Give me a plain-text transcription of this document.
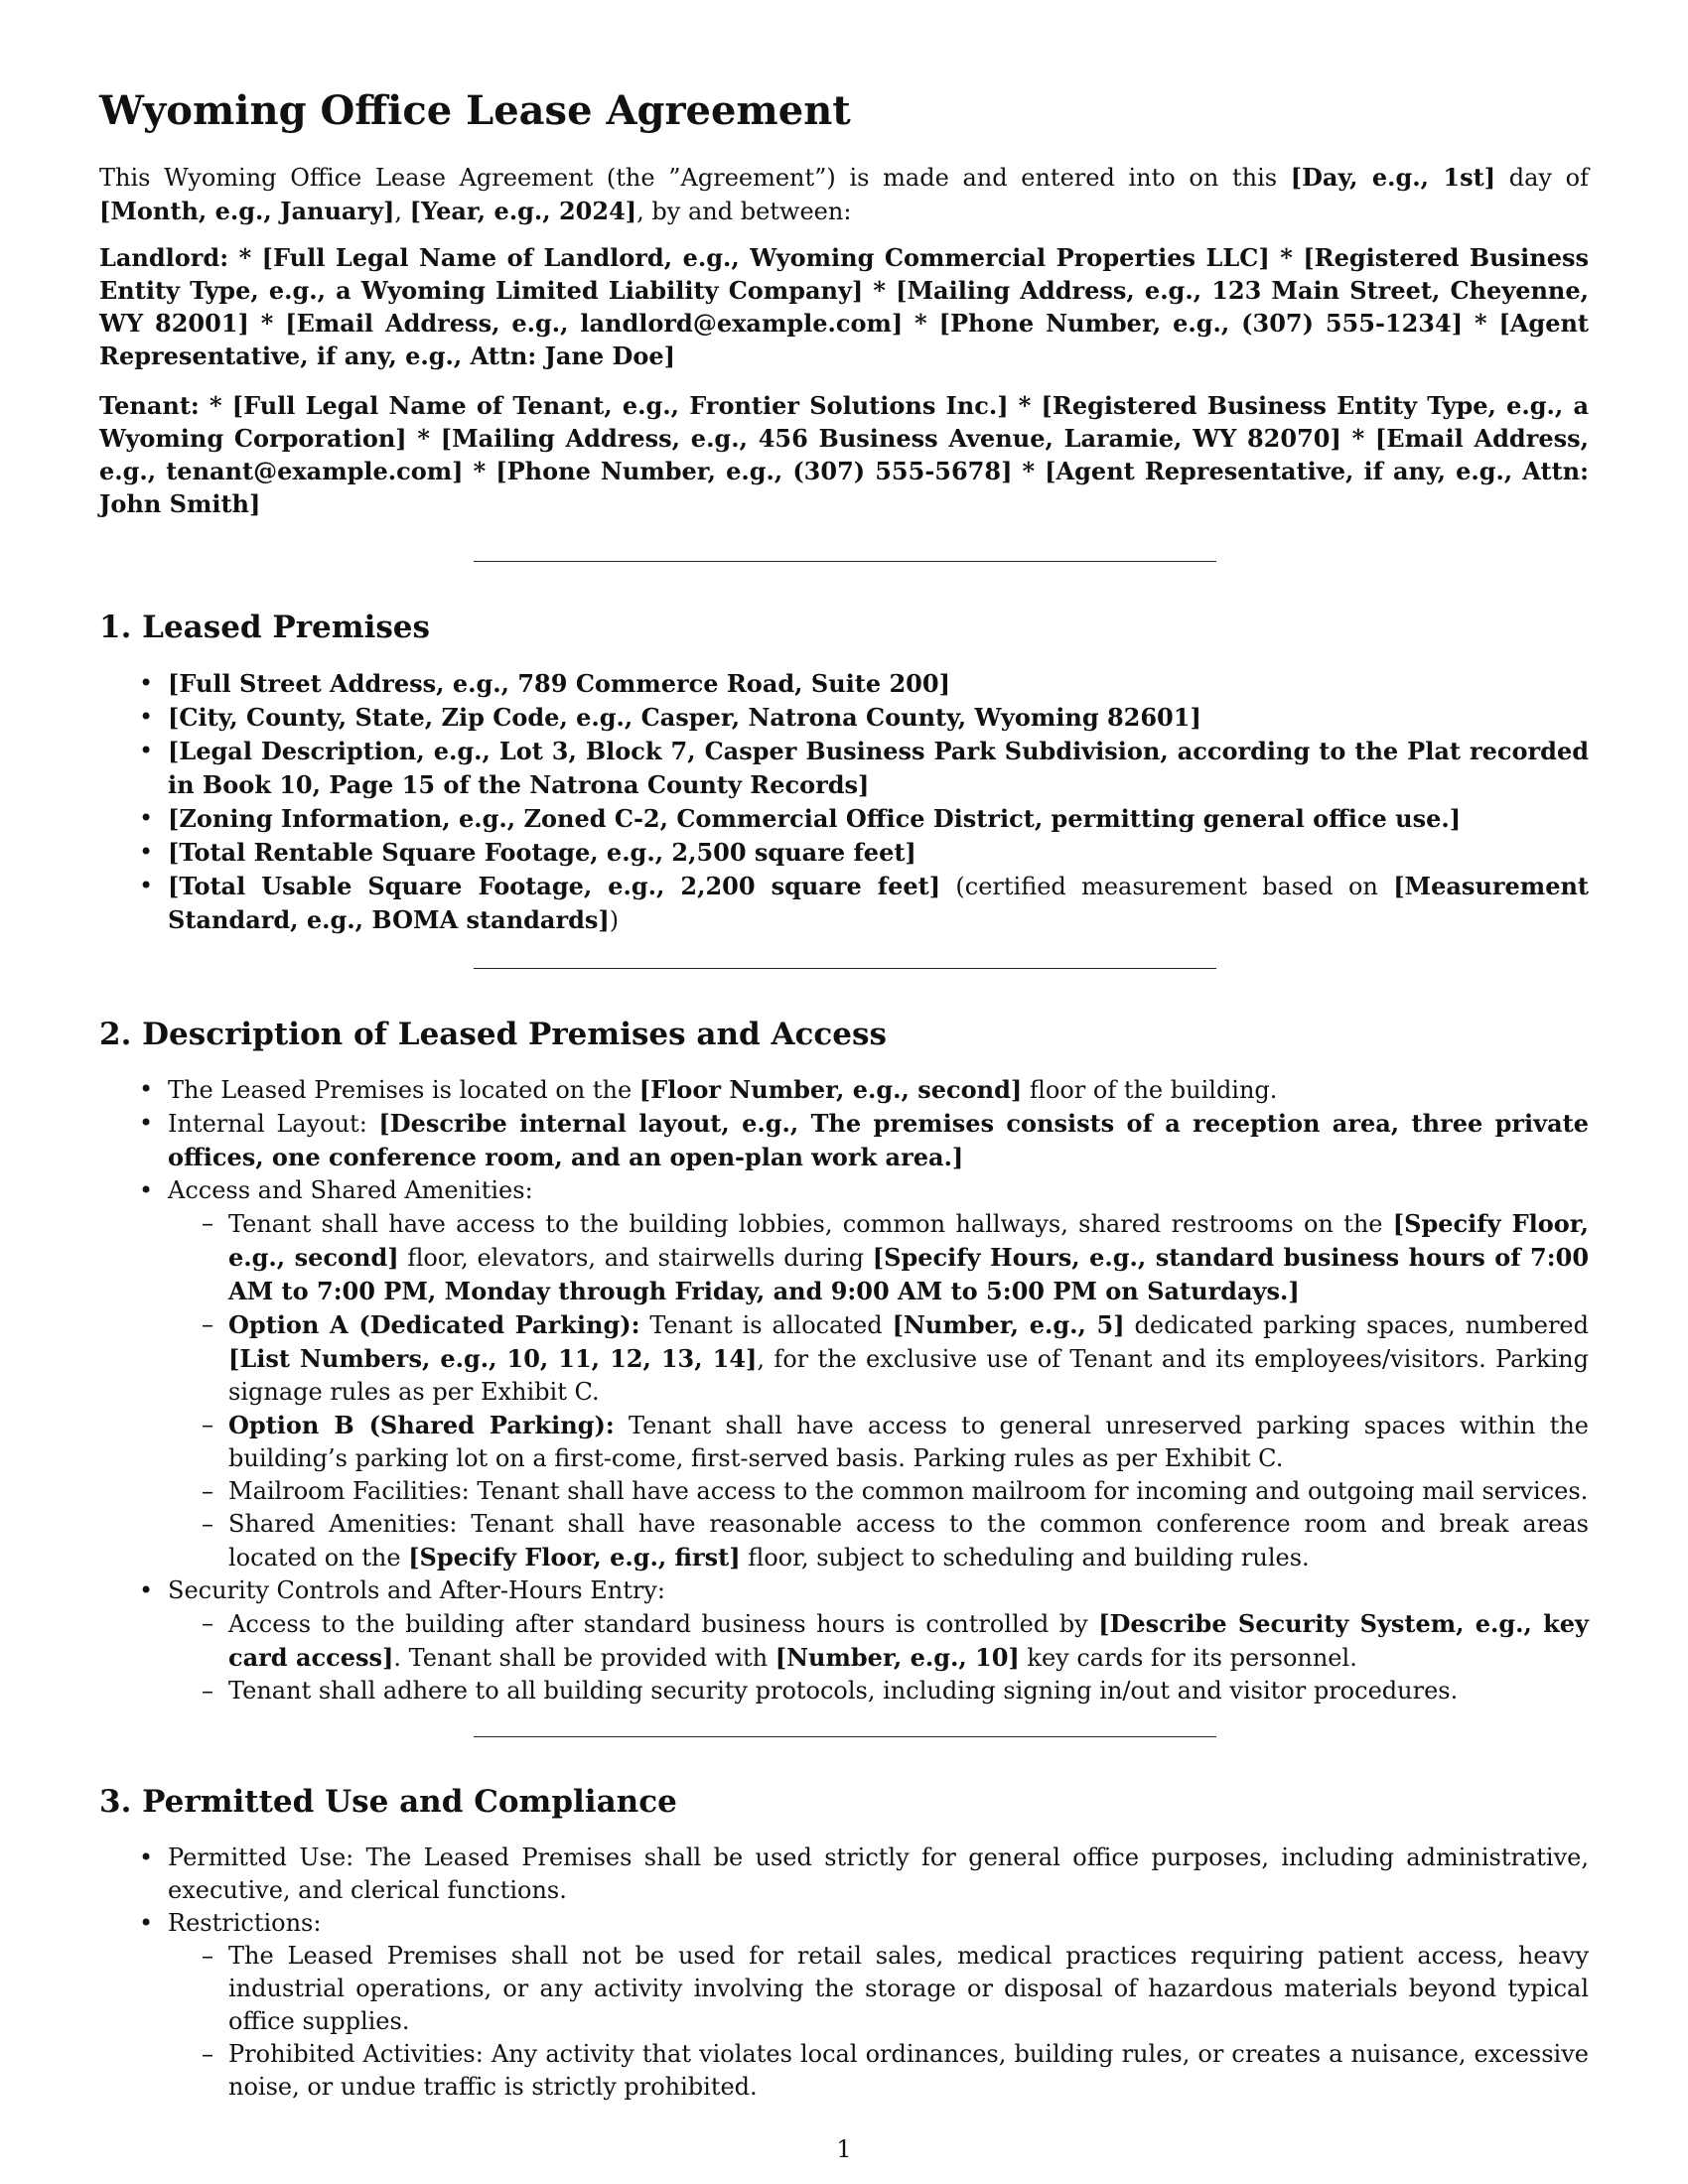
Wyoming Office Lease Agreement

This Wyoming Office Lease Agreement (the ”Agreement”) is made and entered into on this [Day, e.g., 1st] day of [Month, e.g., January], [Year, e.g., 2024], by and between:

Landlord: * [Full Legal Name of Landlord, e.g., Wyoming Commercial Properties LLC] * [Registered Business Entity Type, e.g., a Wyoming Limited Liability Company] * [Mailing Address, e.g., 123 Main Street, Cheyenne, WY 82001] * [Email Address, e.g., landlord@example.com] * [Phone Number, e.g., (307) 555-1234] * [Agent Representative, if any, e.g., Attn: Jane Doe]

Tenant: * [Full Legal Name of Tenant, e.g., Frontier Solutions Inc.] * [Registered Business Entity Type, e.g., a Wyoming Corporation] * [Mailing Address, e.g., 456 Business Avenue, Laramie, WY 82070] * [Email Address, e.g., tenant@example.com] * [Phone Number, e.g., (307) 555-5678] * [Agent Representative, if any, e.g., Attn: John Smith]

1. Leased Premises
• [Full Street Address, e.g., 789 Commerce Road, Suite 200]
• [City, County, State, Zip Code, e.g., Casper, Natrona County, Wyoming 82601]
• [Legal Description, e.g., Lot 3, Block 7, Casper Business Park Subdivision, according to the Plat recorded in Book 10, Page 15 of the Natrona County Records]
• [Zoning Information, e.g., Zoned C-2, Commercial Office District, permitting general office use.]
• [Total Rentable Square Footage, e.g., 2,500 square feet]
• [Total Usable Square Footage, e.g., 2,200 square feet] (certified measurement based on [Measurement Standard, e.g., BOMA standards])
2. Description of Leased Premises and Access
• The Leased Premises is located on the [Floor Number, e.g., second] floor of the building.
• Internal Layout: [Describe internal layout, e.g., The premises consists of a reception area, three private offices, one conference room, and an open-plan work area.]
• Access and Shared Amenities:
– Tenant shall have access to the building lobbies, common hallways, shared restrooms on the [Specify Floor, e.g., second] floor, elevators, and stairwells during [Specify Hours, e.g., standard business hours of 7:00 AM to 7:00 PM, Monday through Friday, and 9:00 AM to 5:00 PM on Saturdays.]
– Option A (Dedicated Parking): Tenant is allocated [Number, e.g., 5] dedicated parking spaces, numbered [List Numbers, e.g., 10, 11, 12, 13, 14], for the exclusive use of Tenant and its employees/visitors. Parking signage rules as per Exhibit C.
– Option B (Shared Parking): Tenant shall have access to general unreserved parking spaces within the building’s parking lot on a first-come, first-served basis. Parking rules as per Exhibit C.
– Mailroom Facilities: Tenant shall have access to the common mailroom for incoming and outgoing mail services.
– Shared Amenities: Tenant shall have reasonable access to the common conference room and break areas located on the [Specify Floor, e.g., first] floor, subject to scheduling and building rules.
• Security Controls and After-Hours Entry:
– Access to the building after standard business hours is controlled by [Describe Security System, e.g., key card access]. Tenant shall be provided with [Number, e.g., 10] key cards for its personnel.
– Tenant shall adhere to all building security protocols, including signing in/out and visitor procedures.
3. Permitted Use and Compliance
• Permitted Use: The Leased Premises shall be used strictly for general office purposes, including administrative, executive, and clerical functions.
• Restrictions:
– The Leased Premises shall not be used for retail sales, medical practices requiring patient access, heavy industrial operations, or any activity involving the storage or disposal of hazardous materials beyond typical office supplies.
– Prohibited Activities: Any activity that violates local ordinances, building rules, or creates a nuisance, excessive noise, or undue traffic is strictly prohibited.
1
